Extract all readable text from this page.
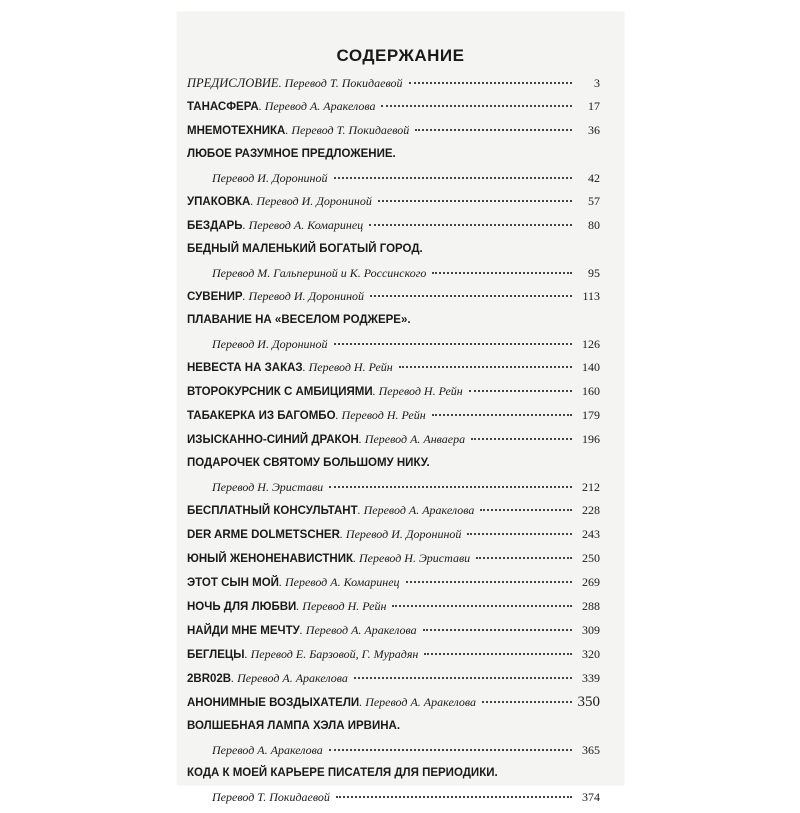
СОДЕРЖАНИЕ
ПРЕДИСЛОВИЕ .
Перевод Т. Покидаевой	3
ТАНАСФЕРА .
Перевод А. Аракелова	17
МНЕМОТЕХНИКА .
Перевод Т. Покидаевой	36
ЛЮБОЕ РАЗУМНОЕ ПРЕДЛОЖЕНИЕ.
Перевод И. Дорониной	42
УПАКОВКА .
Перевод И. Дорониной	57
БЕЗДАРЬ .
Перевод А. Комаринец	80
БЕДНЫЙ МАЛЕНЬКИЙ БОГАТЫЙ ГОРОД.
Перевод М. Гальпериной и К. Россинского	95
СУВЕНИР .
Перевод И. Дорониной	113
ПЛАВАНИЕ НА «ВЕСЕЛОМ РОДЖЕРЕ».
Перевод И. Дорониной	126
НЕВЕСТА НА ЗАКАЗ .
Перевод Н. Рейн	140
ВТОРОКУРСНИК С АМБИЦИЯМИ .
Перевод Н. Рейн	160
ТАБАКЕРКА ИЗ БАГОМБО .
Перевод Н. Рейн	179
ИЗЫСКАННО-СИНИЙ ДРАКОН .
Перевод А. Анваера	196
ПОДАРОЧЕК СВЯТОМУ БОЛЬШОМУ НИКУ.
Перевод Н. Эристави	212
БЕСПЛАТНЫЙ КОНСУЛЬТАНТ .
Перевод А. Аракелова	228
DER ARME DOLMETSCHER .
Перевод И. Дорониной	243
ЮНЫЙ ЖЕНОНЕНАВИСТНИК .
Перевод Н. Эристави	250
ЭТОТ СЫН МОЙ .
Перевод А. Комаринец	269
НОЧЬ ДЛЯ ЛЮБВИ .
Перевод Н. Рейн	288
НАЙДИ МНЕ МЕЧТУ .
Перевод А. Аракелова	309
БЕГЛЕЦЫ .
Перевод Е. Барзовой, Г. Мурадян	320
2BR02B .
Перевод А. Аракелова	339
АНОНИМНЫЕ ВОЗДЫХАТЕЛИ .
Перевод А. Аракелова	350
ВОЛШЕБНАЯ ЛАМПА ХЭЛА ИРВИНА.
Перевод А. Аракелова	365
КОДА К МОЕЙ КАРЬЕРЕ ПИСАТЕЛЯ ДЛЯ ПЕРИОДИКИ.
Перевод Т. Покидаевой	374
